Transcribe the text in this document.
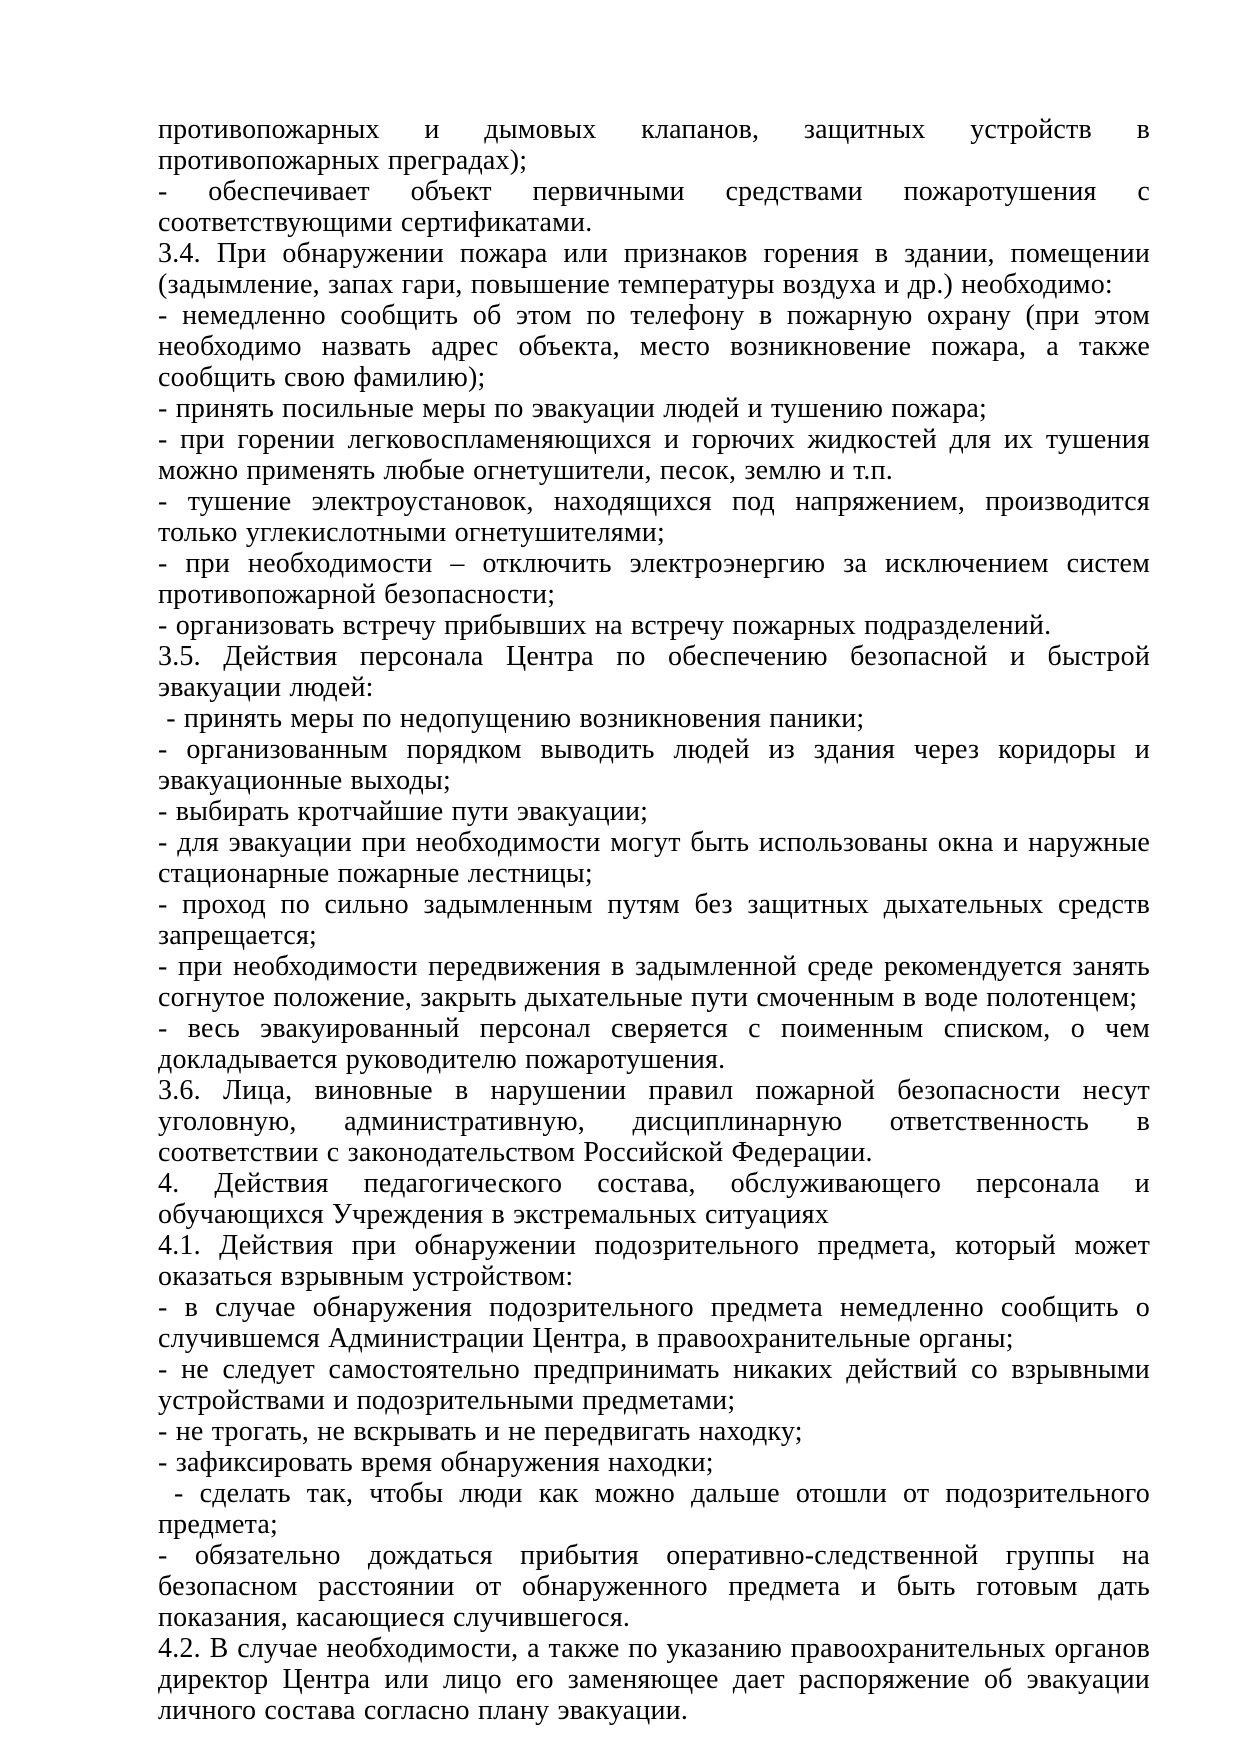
противопожарных и дымовых клапанов, защитных устройств в противопожарных преградах);

- обеспечивает объект первичными средствами пожаротушения с соответствующими сертификатами.

3.4. При обнаружении пожара или признаков горения в здании, помещении (задымление, запах гари, повышение температуры воздуха и др.) необходимо:

- немедленно сообщить об этом по телефону в пожарную охрану (при этом необходимо назвать адрес объекта, место возникновение пожара, а также сообщить свою фамилию);

- принять посильные меры по эвакуации людей и тушению пожара;

- при горении легковоспламеняющихся и горючих жидкостей для их тушения можно применять любые огнетушители, песок, землю и т.п.

- тушение электроустановок, находящихся под напряжением, производится только углекислотными огнетушителями;

- при необходимости – отключить электроэнергию за исключением систем противопожарной безопасности;

- организовать встречу прибывших на встречу пожарных подразделений.

3.5. Действия персонала Центра по обеспечению безопасной и быстрой эвакуации людей:

- принять меры по недопущению возникновения паники;

- организованным порядком выводить людей из здания через коридоры и эвакуационные выходы;

- выбирать кротчайшие пути эвакуации;

- для эвакуации при необходимости могут быть использованы окна и наружные стационарные пожарные лестницы;

- проход по сильно задымленным путям без защитных дыхательных средств запрещается;

- при необходимости передвижения в задымленной среде рекомендуется занять согнутое положение, закрыть дыхательные пути смоченным в воде полотенцем;

- весь эвакуированный персонал сверяется с поименным списком, о чем докладывается руководителю пожаротушения.

3.6. Лица, виновные в нарушении правил пожарной безопасности несут уголовную, административную, дисциплинарную ответственность в соответствии с законодательством Российской Федерации.

4. Действия педагогического состава, обслуживающего персонала и обучающихся Учреждения в экстремальных ситуациях

4.1. Действия при обнаружении подозрительного предмета, который может оказаться взрывным устройством:

- в случае обнаружения подозрительного предмета немедленно сообщить о случившемся Администрации Центра, в правоохранительные органы;

- не следует самостоятельно предпринимать никаких действий со взрывными устройствами и подозрительными предметами;

- не трогать, не вскрывать и не передвигать находку;

- зафиксировать время обнаружения находки;

- сделать так, чтобы люди как можно дальше отошли от подозрительного предмета;

- обязательно дождаться прибытия оперативно-следственной группы на безопасном расстоянии от обнаруженного предмета и быть готовым дать показания, касающиеся случившегося.

4.2. В случае необходимости, а также по указанию правоохранительных органов директор Центра или лицо его заменяющее дает распоряжение об эвакуации личного состава согласно плану эвакуации.
